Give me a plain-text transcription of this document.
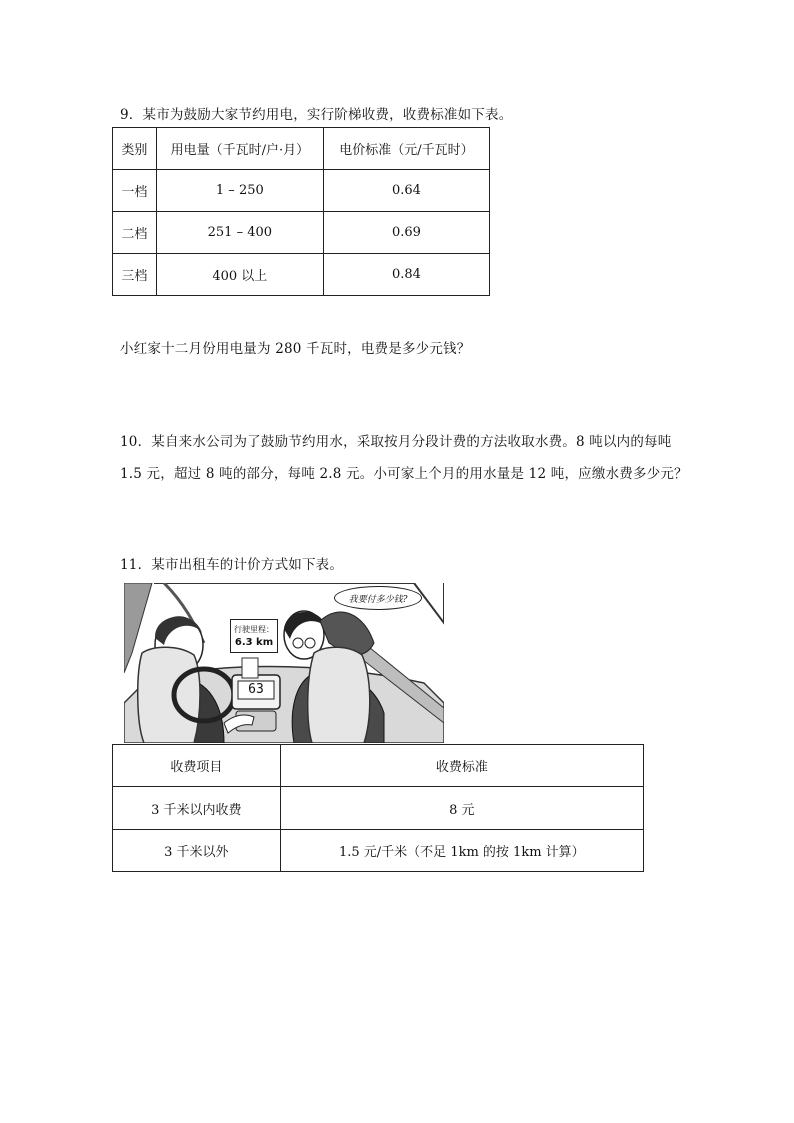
9．某市为鼓励大家节约用电，实行阶梯收费，收费标准如下表。
类别	用电量（千瓦时/户·月）	电价标准（元/千瓦时）
一档	1 – 250	0.64
二档	251 – 400	0.69
三档	400 以上	0.84
小红家十二月份用电量为 280 千瓦时，电费是多少元钱？
10．某自来水公司为了鼓励节约用水，采取按月分段计费的方法收取水费。8 吨以内的每吨
1.5 元，超过 8 吨的部分，每吨 2.8 元。小可家上个月的用水量是 12 吨，应缴水费多少元？
11．某市出租车的计价方式如下表。
我要付多少钱?
行驶里程：
6.3 km
63
收费项目	收费标准
3 千米以内收费	8 元
3 千米以外	1.5 元/千米（不足 1km 的按 1km 计算）
